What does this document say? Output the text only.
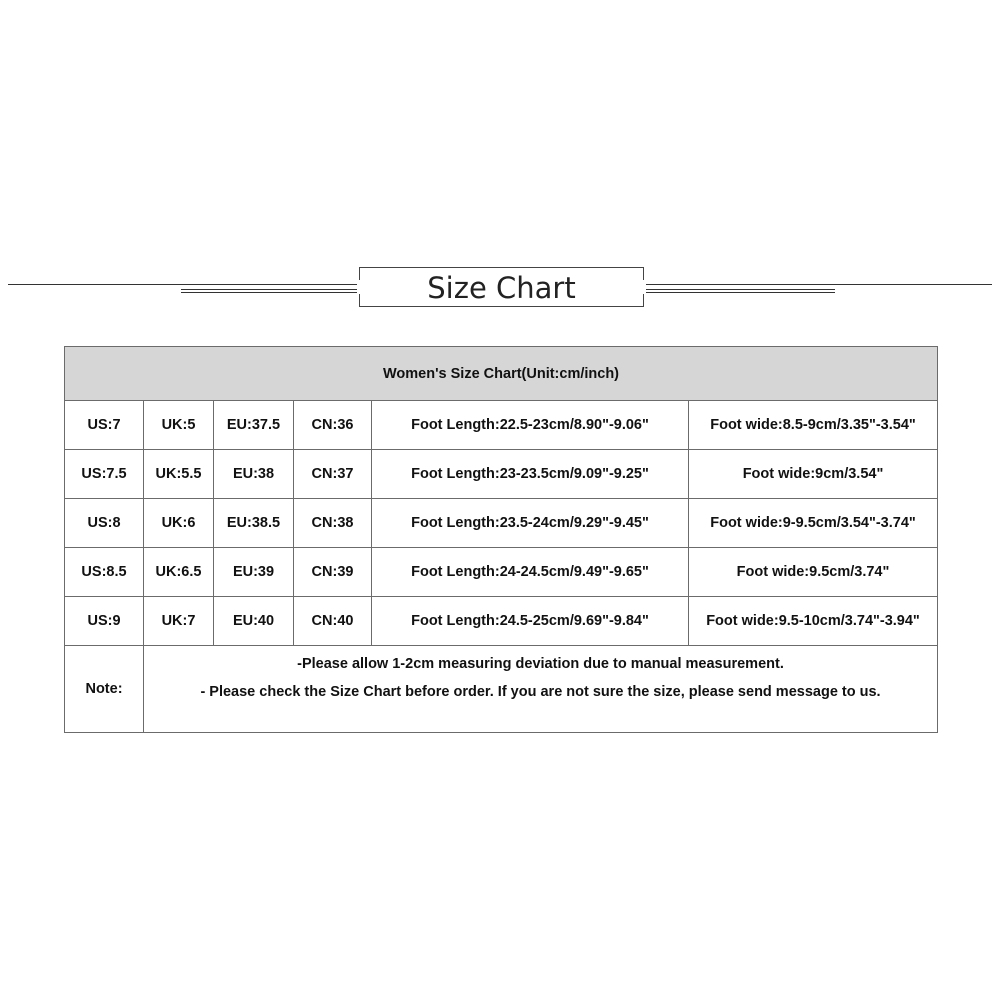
Size Chart
Women's Size Chart(Unit:cm/inch)					
US:7	UK:5	EU:37.5	CN:36	Foot Length:22.5-23cm/8.90"-9.06"	Foot wide:8.5-9cm/3.35"-3.54"
US:7.5	UK:5.5	EU:38	CN:37	Foot Length:23-23.5cm/9.09"-9.25"	Foot wide:9cm/3.54"
US:8	UK:6	EU:38.5	CN:38	Foot Length:23.5-24cm/9.29"-9.45"	Foot wide:9-9.5cm/3.54"-3.74"
US:8.5	UK:6.5	EU:39	CN:39	Foot Length:24-24.5cm/9.49"-9.65"	Foot wide:9.5cm/3.74"
US:9	UK:7	EU:40	CN:40	Foot Length:24.5-25cm/9.69"-9.84"	Foot wide:9.5-10cm/3.74"-3.94"
Note:	-Please allow 1-2cm measuring deviation due to manual measurement.
- Please check the Size Chart before order. If you are not sure the size, please send message to us.				
